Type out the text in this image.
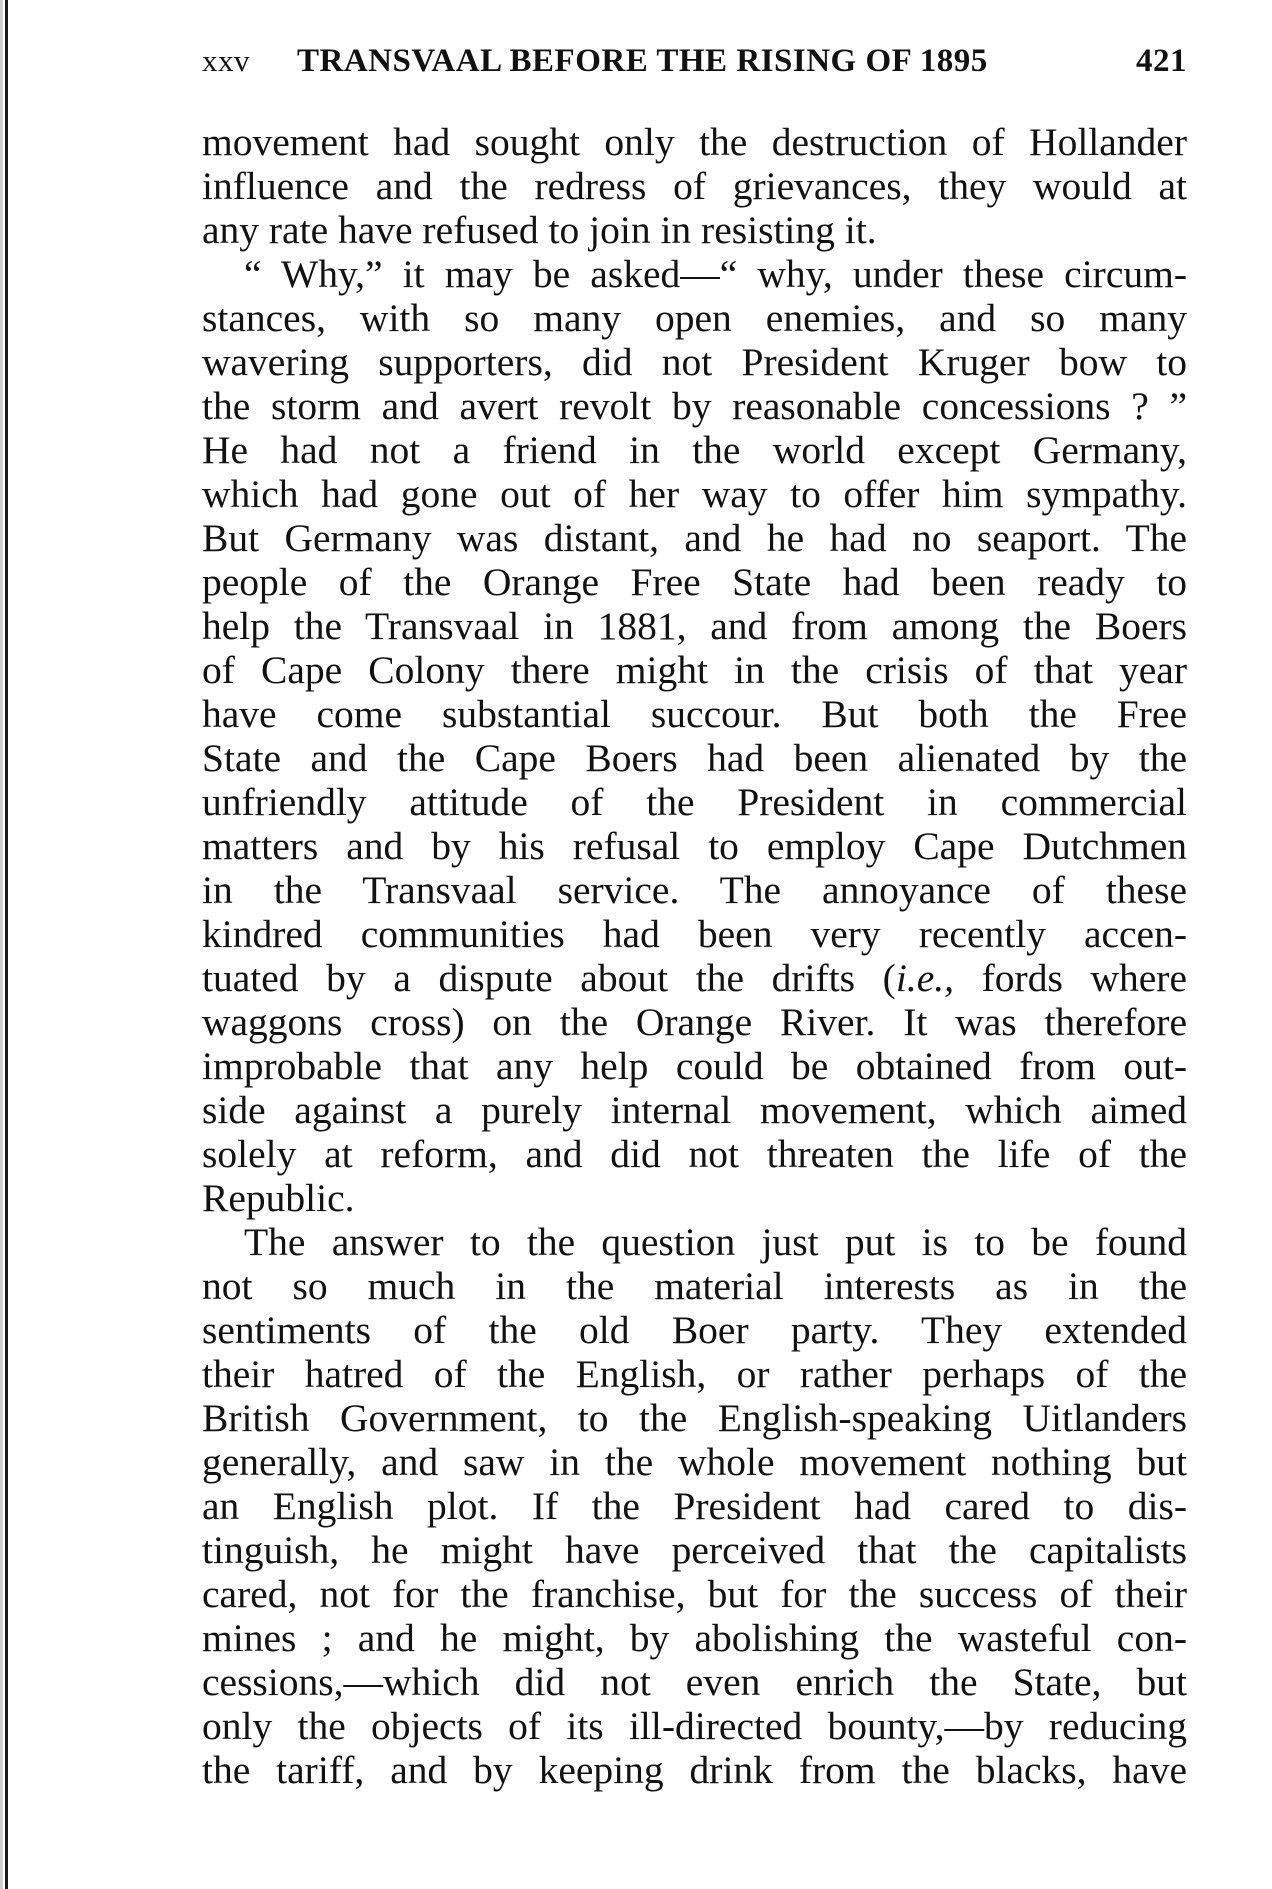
xxv TRANSVAAL BEFORE THE RISING OF 1895	421
movement had sought only the destruction of Hollander
influence and the redress of grievances, they would at
any rate have refused to join in resisting it.
“ Why,” it may be asked—“ why, under these circum-
stances, with so many open enemies, and so many
wavering supporters, did not President Kruger bow to
the storm and avert revolt by reasonable concessions ? ”
He had not a friend in the world except Germany,
which had gone out of her way to offer him sympathy.
But Germany was distant, and he had no seaport. The
people of the Orange Free State had been ready to
help the Transvaal in 1881, and from among the Boers
of Cape Colony there might in the crisis of that year
have come substantial succour. But both the Free
State and the Cape Boers had been alienated by the
unfriendly attitude of the President in commercial
matters and by his refusal to employ Cape Dutchmen
in the Transvaal service. The annoyance of these
kindred communities had been very recently accen-
tuated by a dispute about the drifts (i.e., fords where
waggons cross) on the Orange River. It was therefore
improbable that any help could be obtained from out-
side against a purely internal movement, which aimed
solely at reform, and did not threaten the life of the
Republic.
The answer to the question just put is to be found
not so much in the material interests as in the
sentiments of the old Boer party. They extended
their hatred of the English, or rather perhaps of the
British Government, to the English-speaking Uitlanders
generally, and saw in the whole movement nothing but
an English plot. If the President had cared to dis-
tinguish, he might have perceived that the capitalists
cared, not for the franchise, but for the success of their
mines ; and he might, by abolishing the wasteful con-
cessions,—which did not even enrich the State, but
only the objects of its ill-directed bounty,—by reducing
the tariff, and by keeping drink from the blacks, have
